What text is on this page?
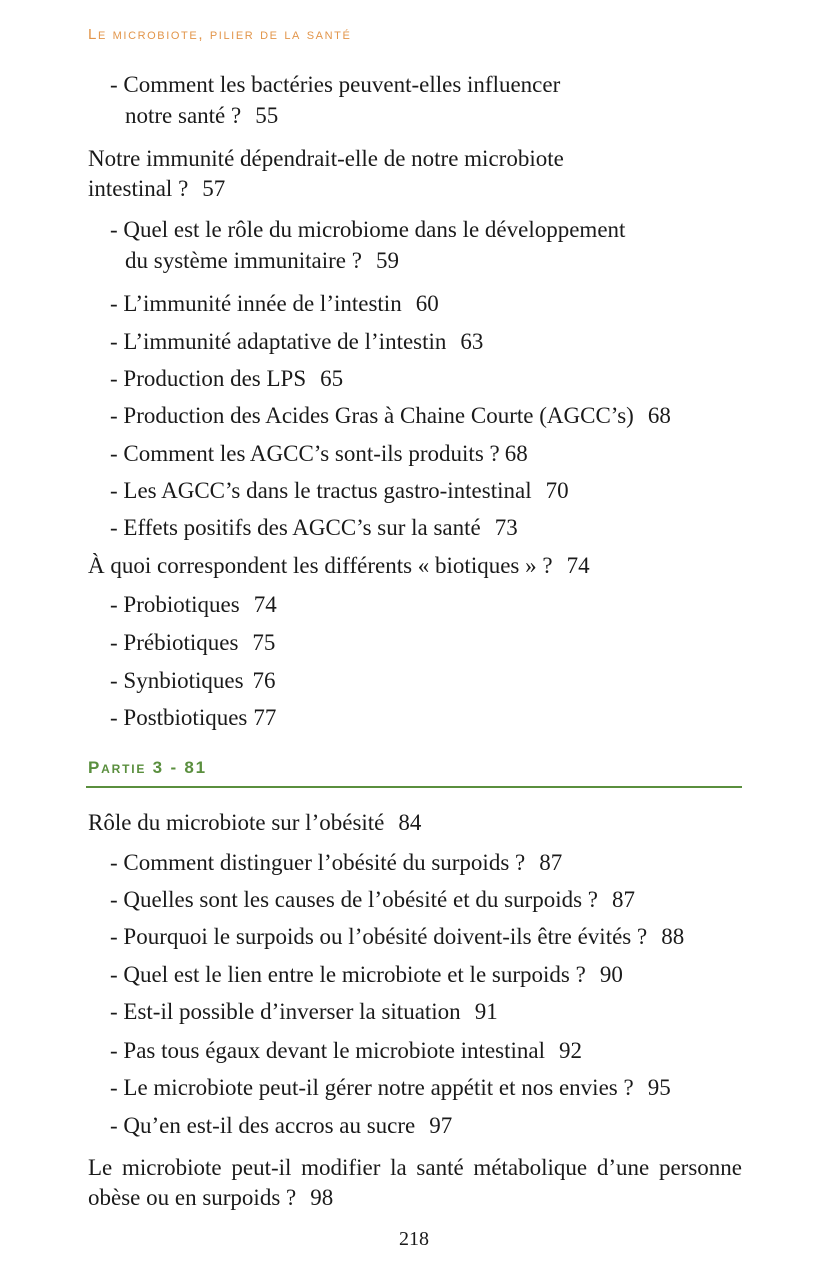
Le microbiote, pilier de la santé
- Comment les bactéries peuvent-elles influencer
notre santé ? 55
Notre immunité dépendrait-elle de notre microbiote
intestinal ? 57
- Quel est le rôle du microbiome dans le développement
du système immunitaire ? 59
- L’immunité innée de l’intestin 60
- L’immunité adaptative de l’intestin 63
- Production des LPS 65
- Production des Acides Gras à Chaine Courte (AGCC’s) 68
- Comment les AGCC’s sont-ils produits ? 68
- Les AGCC’s dans le tractus gastro-intestinal 70
- Effets positifs des AGCC’s sur la santé 73
À quoi correspondent les différents « biotiques » ? 74
- Probiotiques 74
- Prébiotiques 75
- Synbiotiques 76
- Postbiotiques 77
Partie 3 - 81
Rôle du microbiote sur l’obésité 84
- Comment distinguer l’obésité du surpoids ? 87
- Quelles sont les causes de l’obésité et du surpoids ? 87
- Pourquoi le surpoids ou l’obésité doivent-ils être évités ? 88
- Quel est le lien entre le microbiote et le surpoids ? 90
- Est-il possible d’inverser la situation 91
- Pas tous égaux devant le microbiote intestinal 92
- Le microbiote peut-il gérer notre appétit et nos envies ? 95
- Qu’en est-il des accros au sucre 97
Le microbiote peut-il modifier la santé métabolique d’une personne obèse ou en surpoids ? 98
218
